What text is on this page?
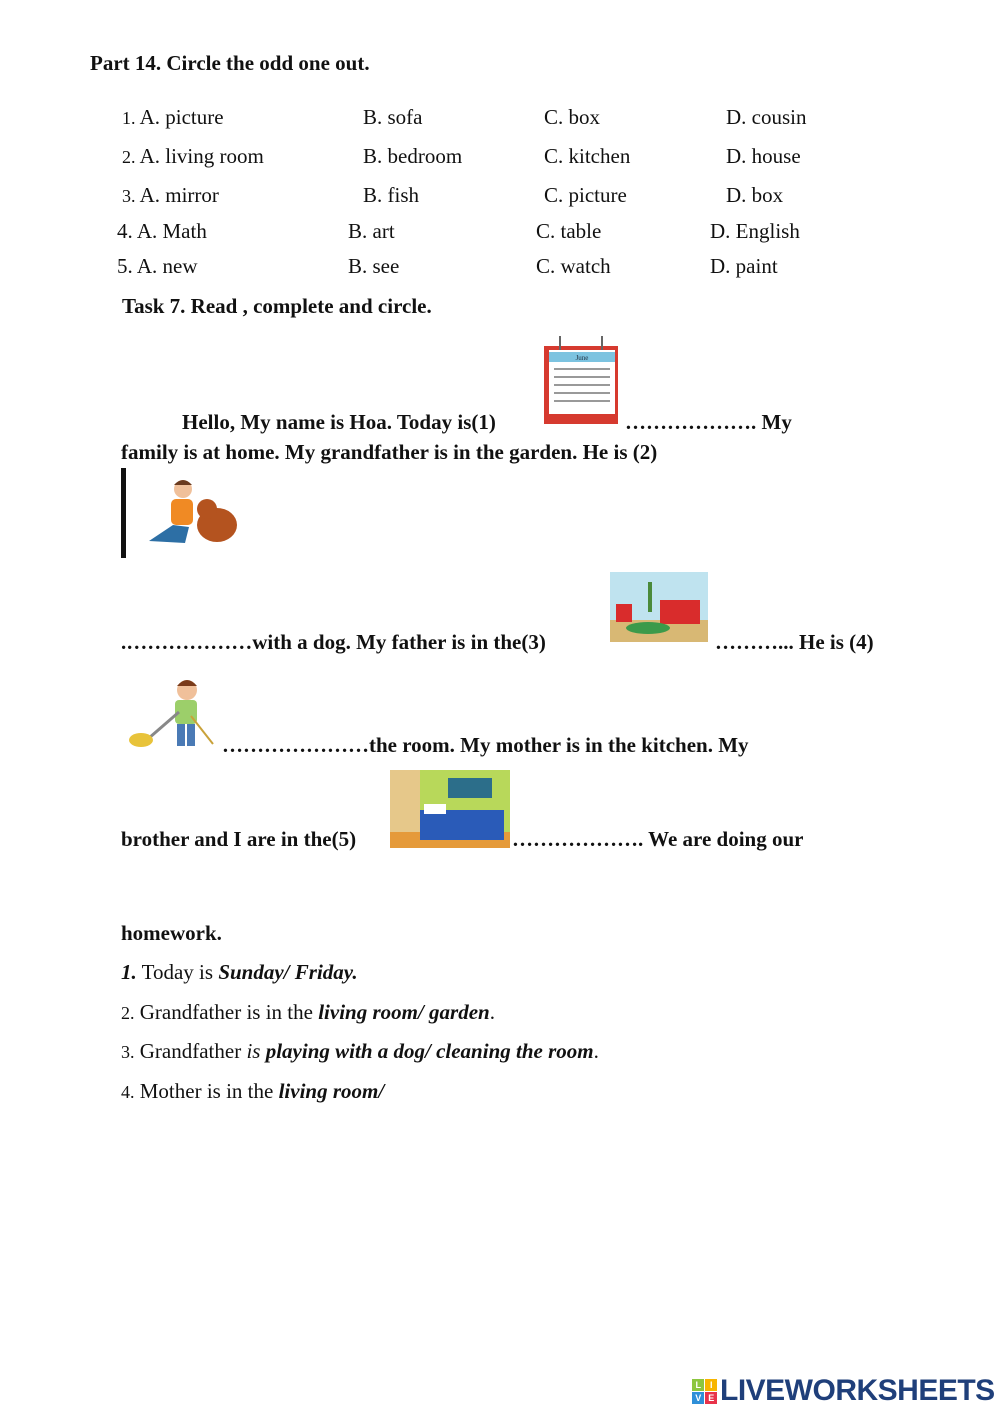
Part 14. Circle the odd one out.
1. A. picture	B. sofa	C. box	D. cousin
2. A. living room	B. bedroom	C. kitchen	D. house
3. A. mirror	B. fish	C. picture	D. box
4. A. Math	B. art	C. table	D. English
5. A. new	B. see	C. watch	D. paint
Task 7. Read , complete and circle.
June
Hello, My name is Hoa. Today is(1)	………………. My
family is at home. My grandfather is in the garden. He is (2)
.………………with a dog. My father is in the(3)	………... He is (4)
…………………the room. My mother is in the kitchen. My
brother and I are in the(5)	………………. We are doing our
homework.
1. Today is Sunday/ Friday.
2. Grandfather is in the living room/ garden.
3. Grandfather is playing with a dog/ cleaning the room.
4. Mother is in the living room/
L	I
V E LIVEWORKSHEETS
